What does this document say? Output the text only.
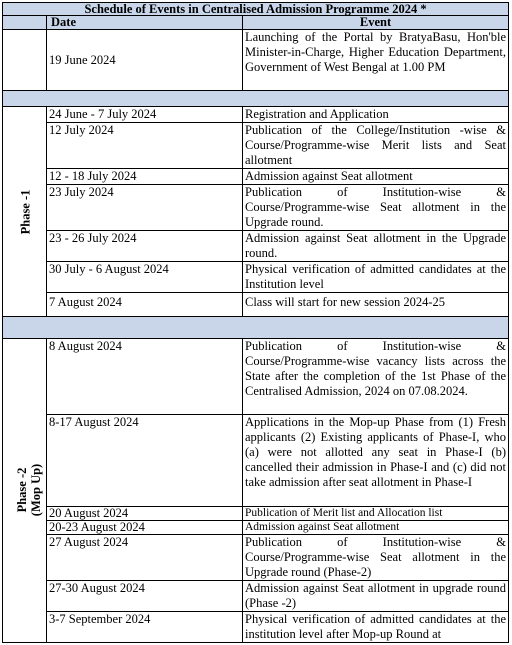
Schedule of Events in Centralised Admission Programme 2024 *		
	Date	Event
	19 June 2024	Launching of the Portal by BratyaBasu, Hon'ble Minister-in-Charge, Higher Education Department, Government of West Bengal at 1.00 PM

Phase -1	24 June - 7 July 2024	Registration and Application
	12 July 2024	Publication of the College/Institution -wise & Course/Programme-wise Merit lists and Seat allotment
	12 - 18 July 2024	Admission against Seat allotment
	23 July 2024	Publication of Institution-wise & Course/Programme-wise Seat allotment in the Upgrade round.
	23 - 26 July 2024	Admission against Seat allotment in the Upgrade round.
	30 July - 6 August 2024	Physical verification of admitted candidates at the Institution level
	7 August 2024	Class will start for new session 2024-25

Phase -2
(Mop Up)	8 August 2024	Publication of Institution-wise & Course/Programme-wise vacancy lists across the State after the completion of the 1st Phase of the Centralised Admission, 2024 on 07.08.2024.
	8-17 August 2024	Applications in the Mop-up Phase from (1) Fresh applicants (2) Existing applicants of Phase-I, who (a) were not allotted any seat in Phase-I (b) cancelled their admission in Phase-I and (c) did not take admission after seat allotment in Phase-I
	20 August 2024	Publication of Merit list and Allocation list
	20-23 August 2024	Admission against Seat allotment
	27 August 2024	Publication of Institution-wise & Course/Programme-wise Seat allotment in the Upgrade round (Phase-2)
	27-30 August 2024	Admission against Seat allotment in upgrade round (Phase -2)
	3-7 September 2024	Physical verification of admitted candidates at the institution level after Mop-up Round at
